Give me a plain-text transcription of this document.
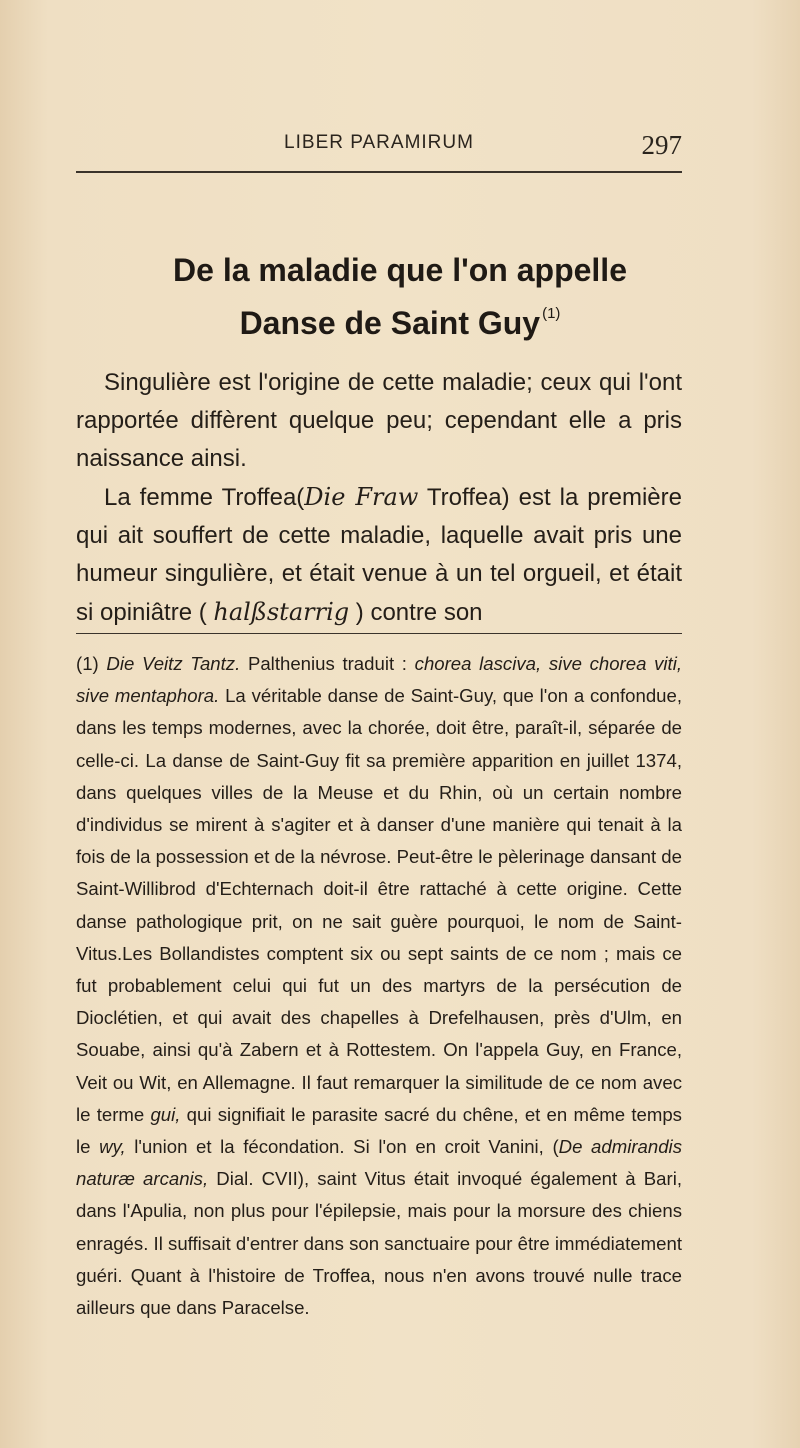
LIBER PARAMIRUM	297
De la maladie que l'on appelle
Danse de Saint Guy $^{(1)}$

Singulière est l'origine de cette maladie; ceux qui l'ont rapportée diffèrent quelque peu; cependant elle a pris naissance ainsi.

La femme Troffea(Die Fraw Troffea) est la première qui ait souffert de cette maladie, laquelle avait pris une humeur singulière, et était venue à un tel orgueil, et était si opiniâtre ( halßstarrig ) contre son

(1) Die Veitz Tantz. Palthenius traduit : chorea lasciva, sive chorea viti, sive mentaphora. La véritable danse de Saint-Guy, que l'on a confondue, dans les temps modernes, avec la chorée, doit être, paraît-il, séparée de celle-ci. La danse de Saint-Guy fit sa première apparition en juillet 1374, dans quelques villes de la Meuse et du Rhin, où un certain nombre d'individus se mirent à s'agiter et à danser d'une manière qui tenait à la fois de la possession et de la névrose. Peut-être le pèlerinage dansant de Saint-Willibrod d'Echternach doit-il être rattaché à cette origine. Cette danse pathologique prit, on ne sait guère pourquoi, le nom de Saint-Vitus.Les Bollandistes comptent six ou sept saints de ce nom ; mais ce fut probablement celui qui fut un des martyrs de la persécution de Dioclétien, et qui avait des chapelles à Drefelhausen, près d'Ulm, en Souabe, ainsi qu'à Zabern et à Rottestem. On l'appela Guy, en France, Veit ou Wit, en Allemagne. Il faut remarquer la similitude de ce nom avec le terme gui, qui signifiait le parasite sacré du chêne, et en même temps le wy, l'union et la fécondation. Si l'on en croit Vanini, (De admirandis naturæ arcanis, Dial. CVII), saint Vitus était invoqué également à Bari, dans l'Apulia, non plus pour l'épilepsie, mais pour la morsure des chiens enragés. Il suffisait d'entrer dans son sanctuaire pour être immédiatement guéri. Quant à l'histoire de Troffea, nous n'en avons trouvé nulle trace ailleurs que dans Paracelse.
